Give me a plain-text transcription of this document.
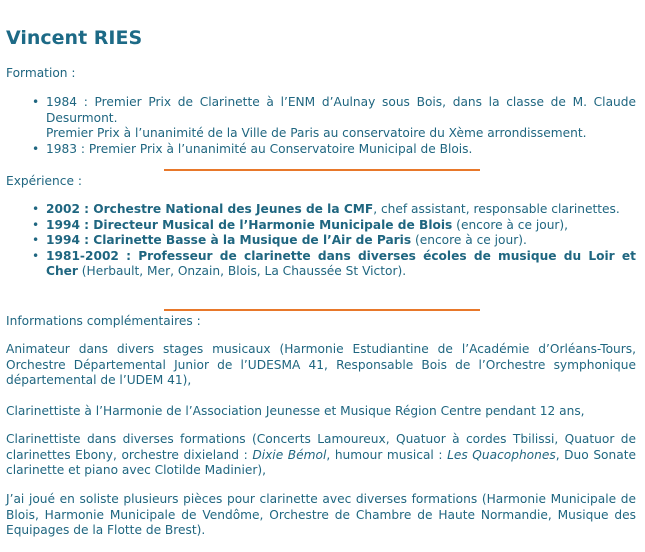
Vincent RIES
Formation :
• 1984 : Premier Prix de Clarinette à l’ENM d’Aulnay sous Bois, dans la classe de M. Claude Desurmont.
Premier Prix à l’unanimité de la Ville de Paris au conservatoire du Xème arrondissement.
• 1983 : Premier Prix à l’unanimité au Conservatoire Municipal de Blois.
Expérience :
• 2002 : Orchestre National des Jeunes de la CMF, chef assistant, responsable clarinettes.
• 1994 : Directeur Musical de l’Harmonie Municipale de Blois (encore à ce jour),
• 1994 : Clarinette Basse à la Musique de l’Air de Paris (encore à ce jour).
• 1981-2002 : Professeur de clarinette dans diverses écoles de musique du Loir et Cher (Herbault, Mer, Onzain, Blois, La Chaussée St Victor).
Informations complémentaires :

Animateur dans divers stages musicaux (Harmonie Estudiantine de l’Académie d’Orléans-Tours, Orchestre Départemental Junior de l’UDESMA 41, Responsable Bois de l’Orchestre symphonique départemental de l’UDEM 41),

Clarinettiste à l’Harmonie de l’Association Jeunesse et Musique Région Centre pendant 12 ans,

Clarinettiste dans diverses formations (Concerts Lamoureux, Quatuor à cordes Tbilissi, Quatuor de clarinettes Ebony, orchestre dixieland : Dixie Bémol, humour musical : Les Quacophones, Duo Sonate clarinette et piano avec Clotilde Madinier),

J’ai joué en soliste plusieurs pièces pour clarinette avec diverses formations (Harmonie Municipale de Blois, Harmonie Municipale de Vendôme, Orchestre de Chambre de Haute Normandie, Musique des Equipages de la Flotte de Brest).
